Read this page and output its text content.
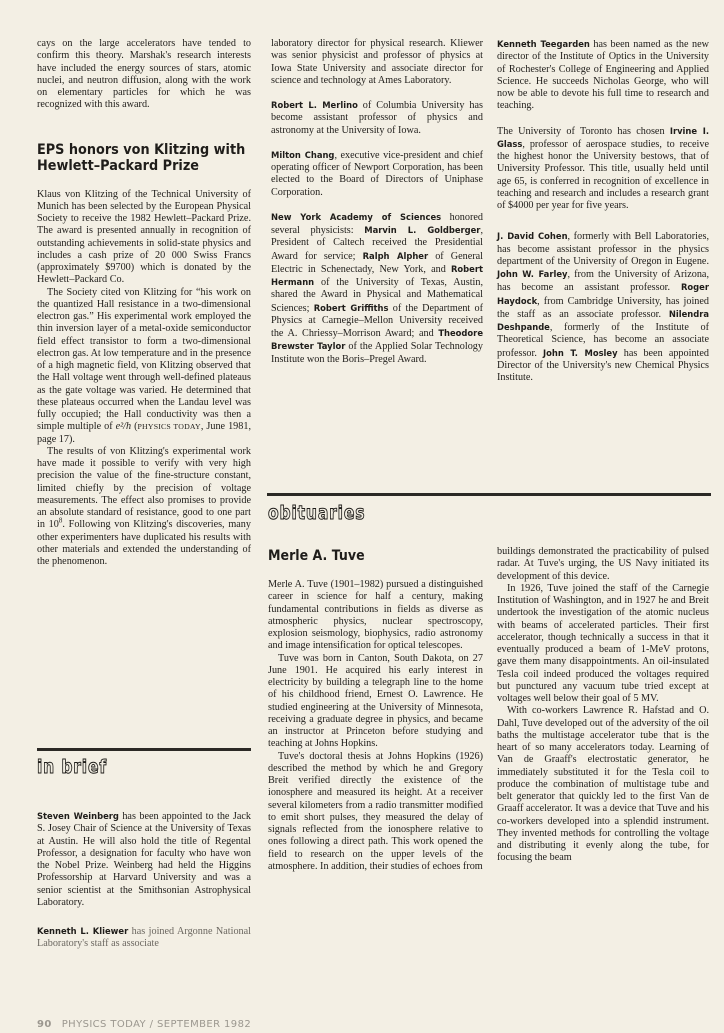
cays on the large accelerators have tended to confirm this theory. Marshak's research interests have included the energy sources of stars, atomic nuclei, and neutron diffusion, along with the work on elementary particles for which he was recognized with this award.

EPS honors von Klitzing with Hewlett–Packard Prize

Klaus von Klitzing of the Technical University of Munich has been selected by the European Physical Society to receive the 1982 Hewlett–Packard Prize. The award is presented annually in recognition of outstanding achievements in solid-state physics and includes a cash prize of 20 000 Swiss Francs (approximately $9700) which is donated by the Hewlett–Packard Co.

The Society cited von Klitzing for “his work on the quantized Hall resistance in a two-dimensional electron gas.” His experimental work employed the thin inversion layer of a metal-oxide semiconductor field effect transistor to form a two-dimensional electron gas. At low temperature and in the presence of a high magnetic field, von Klitzing observed that the Hall voltage went through well-defined plateaus as the gate voltage was varied. He determined that these plateaus occurred when the Landau level was fully occupied; the Hall conductivity was then a simple multiple of e²/h (PHYSICS TODAY, June 1981, page 17).

The results of von Klitzing's experimental work have made it possible to verify with very high precision the value of the fine-structure constant, limited chiefly by the precision of voltage measurements. The effect also promises to provide an absolute standard of resistance, good to one part in $10^8$. Following von Klitzing's discoveries, many other experimenters have duplicated his results with other materials and extended the understanding of the phenomenon.

in brief

Steven Weinberg has been appointed to the Jack S. Josey Chair of Science at the University of Texas at Austin. He will also hold the title of Regental Professor, a designation for faculty who have won the Nobel Prize. Weinberg had held the Higgins Professorship at Harvard University and was a senior scientist at the Smithsonian Astrophysical Laboratory.

Kenneth L. Kliewer has joined Argonne National Laboratory's staff as associate

laboratory director for physical research. Kliewer was senior physicist and professor of physics at Iowa State University and associate director for science and technology at Ames Laboratory.

Robert L. Merlino of Columbia University has become assistant professor of physics and astronomy at the University of Iowa.

Milton Chang, executive vice-president and chief operating officer of Newport Corporation, has been elected to the Board of Directors of Uniphase Corporation.

New York Academy of Sciences honored several physicists: Marvin L. Goldberger, President of Caltech received the Presidential Award for service; Ralph Alpher of General Electric in Schenectady, New York, and Robert Hermann of the University of Texas, Austin, shared the Award in Physical and Mathematical Sciences; Robert Griffiths of the Department of Physics at Carnegie–Mellon University received the A. Chriessy–Morrison Award; and Theodore Brewster Taylor of the Applied Solar Technology Institute won the Boris–Pregel Award.

Kenneth Teegarden has been named as the new director of the Institute of Optics in the University of Rochester's College of Engineering and Applied Science. He succeeds Nicholas George, who will now be able to devote his full time to research and teaching.

The University of Toronto has chosen Irvine I. Glass, professor of aerospace studies, to receive the highest honor the University bestows, that of University Professor. This title, usually held until age 65, is conferred in recognition of excellence in teaching and research and includes a research grant of $4000 per year for five years.

J. David Cohen, formerly with Bell Laboratories, has become assistant professor in the physics department of the University of Oregon in Eugene. John W. Farley, from the University of Arizona, has become an assistant professor. Roger Haydock, from Cambridge University, has joined the staff as an associate professor. Nilendra Deshpande, formerly of the Institute of Theoretical Science, has become an associate professor. John T. Mosley has been appointed Director of the University's new Chemical Physics Institute.

obituaries
Merle A. Tuve

Merle A. Tuve (1901–1982) pursued a distinguished career in science for half a century, making fundamental contributions in fields as diverse as atmospheric physics, nuclear spectroscopy, explosion seismology, biophysics, radio astronomy and image intensification for optical telescopes.

Tuve was born in Canton, South Dakota, on 27 June 1901. He acquired his early interest in electricity by building a telegraph line to the home of his childhood friend, Ernest O. Lawrence. He studied engineering at the University of Minnesota, receiving a graduate degree in physics, and became an instructor at Princeton before studying and teaching at Johns Hopkins.

Tuve's doctoral thesis at Johns Hopkins (1926) described the method by which he and Gregory Breit verified directly the existence of the ionosphere and measured its height. At a receiver several kilometers from a radio transmitter modified to emit short pulses, they measured the delay of signals reflected from the ionosphere relative to ones following a direct path. This work opened the field to research on the upper levels of the atmosphere. In addition, their studies of echoes from

buildings demonstrated the practicability of pulsed radar. At Tuve's urging, the US Navy initiated its development of this device.

In 1926, Tuve joined the staff of the Carnegie Institution of Washington, and in 1927 he and Breit undertook the investigation of the atomic nucleus with beams of accelerated particles. Their first accelerator, though technically a success in that it eventually produced a beam of 1-MeV protons, gave them many disappointments. An oil-insulated Tesla coil indeed produced the voltages required but punctured any vacuum tube tried except at voltages well below their goal of 5 MV.

With co-workers Lawrence R. Hafstad and O. Dahl, Tuve developed out of the adversity of the oil baths the multistage accelerator tube that is the heart of so many accelerators today. Learning of Van de Graaff's electrostatic generator, he immediately substituted it for the Tesla coil to produce the combination of multistage tube and belt generator that quickly led to the first Van de Graaff accelerator. It was a device that Tuve and his co-workers developed into a splendid instrument. They invented methods for controlling the voltage and distributing it evenly along the tube, for focusing the beam

90 PHYSICS TODAY / SEPTEMBER 1982
